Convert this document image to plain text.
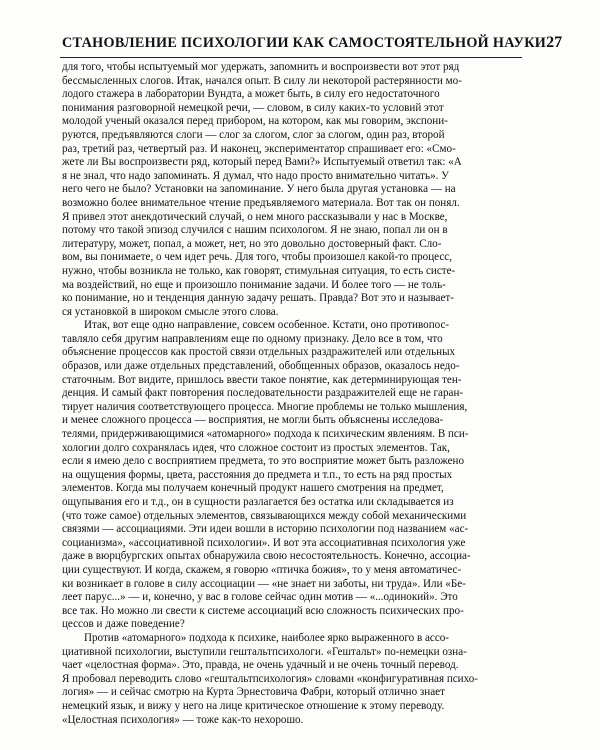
СТАНОВЛЕНИЕ ПСИХОЛОГИИ КАК САМОСТОЯТЕЛЬНОЙ НАУКИ 27

для того, чтобы испытуемый мог удержать, запомнить и воспроизвести вот этот ряд
бессмысленных слогов. Итак, начался опыт. В силу ли некоторой растерянности мо-
лодого стажера в лаборатории Вундта, а может быть, в силу его недостаточного
понимания разговорной немецкой речи, — словом, в силу каких-то условий этот
молодой ученый оказался перед прибором, на котором, как мы говорим, экспони-
руются, предъявляются слоги — слог за слогом, слог за слогом, один раз, второй
раз, третий раз, четвертый раз. И наконец, экспериментатор спрашивает его: «Смо-
жете ли Вы воспроизвести ряд, который перед Вами?» Испытуемый ответил так: «А
я не знал, что надо запоминать. Я думал, что надо просто внимательно читать». У
него чего не было? Установки на запоминание. У него была другая установка — на
возможно более внимательное чтение предъявляемого материала. Вот так он понял.
Я привел этот анекдотический случай, о нем много рассказывали у нас в Москве,
потому что такой эпизод случился с нашим психологом. Я не знаю, попал ли он в
литературу, может, попал, а может, нет, но это довольно достоверный факт. Сло-
вом, вы понимаете, о чем идет речь. Для того, чтобы произошел какой-то процесс,
нужно, чтобы возникла не только, как говорят, стимульная ситуация, то есть систе-
ма воздействий, но еще и произошло понимание задачи. И более того — не толь-
ко понимание, но и тенденция данную задачу решать. Правда? Вот это и называет-
ся установкой в широком смысле этого слова.

Итак, вот еще одно направление, совсем особенное. Кстати, оно противопос-
тавляло себя другим направлениям еще по одному признаку. Дело все в том, что
объяснение процессов как простой связи отдельных раздражителей или отдельных
образов, или даже отдельных представлений, обобщенных образов, оказалось недо-
статочным. Вот видите, пришлось ввести такое понятие, как детерминирующая тен-
денция. И самый факт повторения последовательности раздражителей еще не гаран-
тирует наличия соответствующего процесса. Многие проблемы не только мышления,
и менее сложного процесса — восприятия, не могли быть объяснены исследова-
телями, придерживающимися «атомарного» подхода к психическим явлениям. В пси-
хологии долго сохранялась идея, что сложное состоит из простых элементов. Так,
если я имею дело с восприятием предмета, то это восприятие может быть разложено
на ощущения формы, цвета, расстояния до предмета и т.п., то есть на ряд простых
элементов. Когда мы получаем конечный продукт нашего смотрения на предмет,
ощупывания его и т.д., он в сущности разлагается без остатка или складывается из
(что тоже самое) отдельных элементов, связывающихся между собой механическими
связями — ассоциациями. Эти идеи вошли в историю психологии под названием «ас-
социанизма», «ассоциативной психологии». И вот эта ассоциативная психология уже
даже в вюрцбургских опытах обнаружила свою несостоятельность. Конечно, ассоциа-
ции существуют. И когда, скажем, я говорю «птичка божия», то у меня автоматичес-
ки возникает в голове в силу ассоциации — «не знает ни заботы, ни труда». Или «Бе-
леет парус...» — и, конечно, у вас в голове сейчас один мотив — «...одинокий». Это
все так. Но можно ли свести к системе ассоциаций всю сложность психических про-
цессов и даже поведение?

Против «атомарного» подхода к психике, наиболее ярко выраженного в ассо-
циативной психологии, выступили гештальтпсихологи. «Гештальт» по-немецки озна-
чает «целостная форма». Это, правда, не очень удачный и не очень точный перевод.
Я пробовал переводить слово «гештальтпсихология» словами «конфигуративная психо-
логия» — и сейчас смотрю на Курта Эрнестовича Фабри, который отлично знает
немецкий язык, и вижу у него на лице критическое отношение к этому переводу.
«Целостная психология» — тоже как-то нехорошо.
